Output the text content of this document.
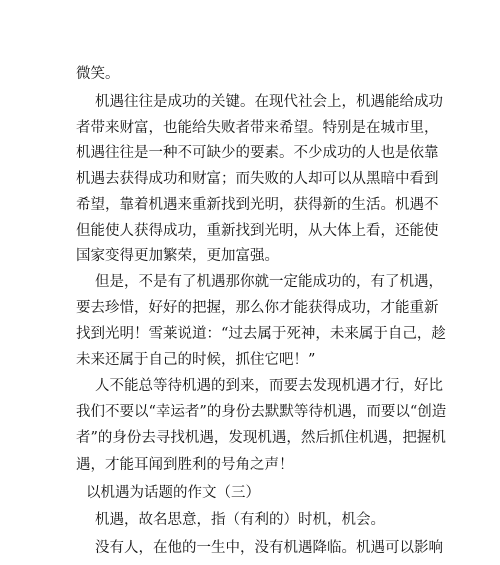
微笑。

机遇往往是成功的关键。在现代社会上，机遇能给成功

者带来财富，也能给失败者带来希望。特别是在城市里，

机遇往往是一种不可缺少的要素。不少成功的人也是依靠

机遇去获得成功和财富；而失败的人却可以从黑暗中看到

希望，靠着机遇来重新找到光明，获得新的生活。机遇不

但能使人获得成功，重新找到光明，从大体上看，还能使

国家变得更加繁荣，更加富强。

但是，不是有了机遇那你就一定能成功的，有了机遇，

要去珍惜，好好的把握，那么你才能获得成功，才能重新

找到光明！雪莱说道：“过去属于死神，未来属于自己，趁

未来还属于自己的时候，抓住它吧！”

人不能总等待机遇的到来，而要去发现机遇才行，好比

我们不要以“幸运者”的身份去默默等待机遇，而要以“创造

者”的身份去寻找机遇，发现机遇，然后抓住机遇，把握机

遇，才能耳闻到胜利的号角之声！

以机遇为话题的作文（三）

机遇，故名思意，指（有利的）时机，机会。

没有人，在他的一生中，没有机遇降临。机遇可以影响
